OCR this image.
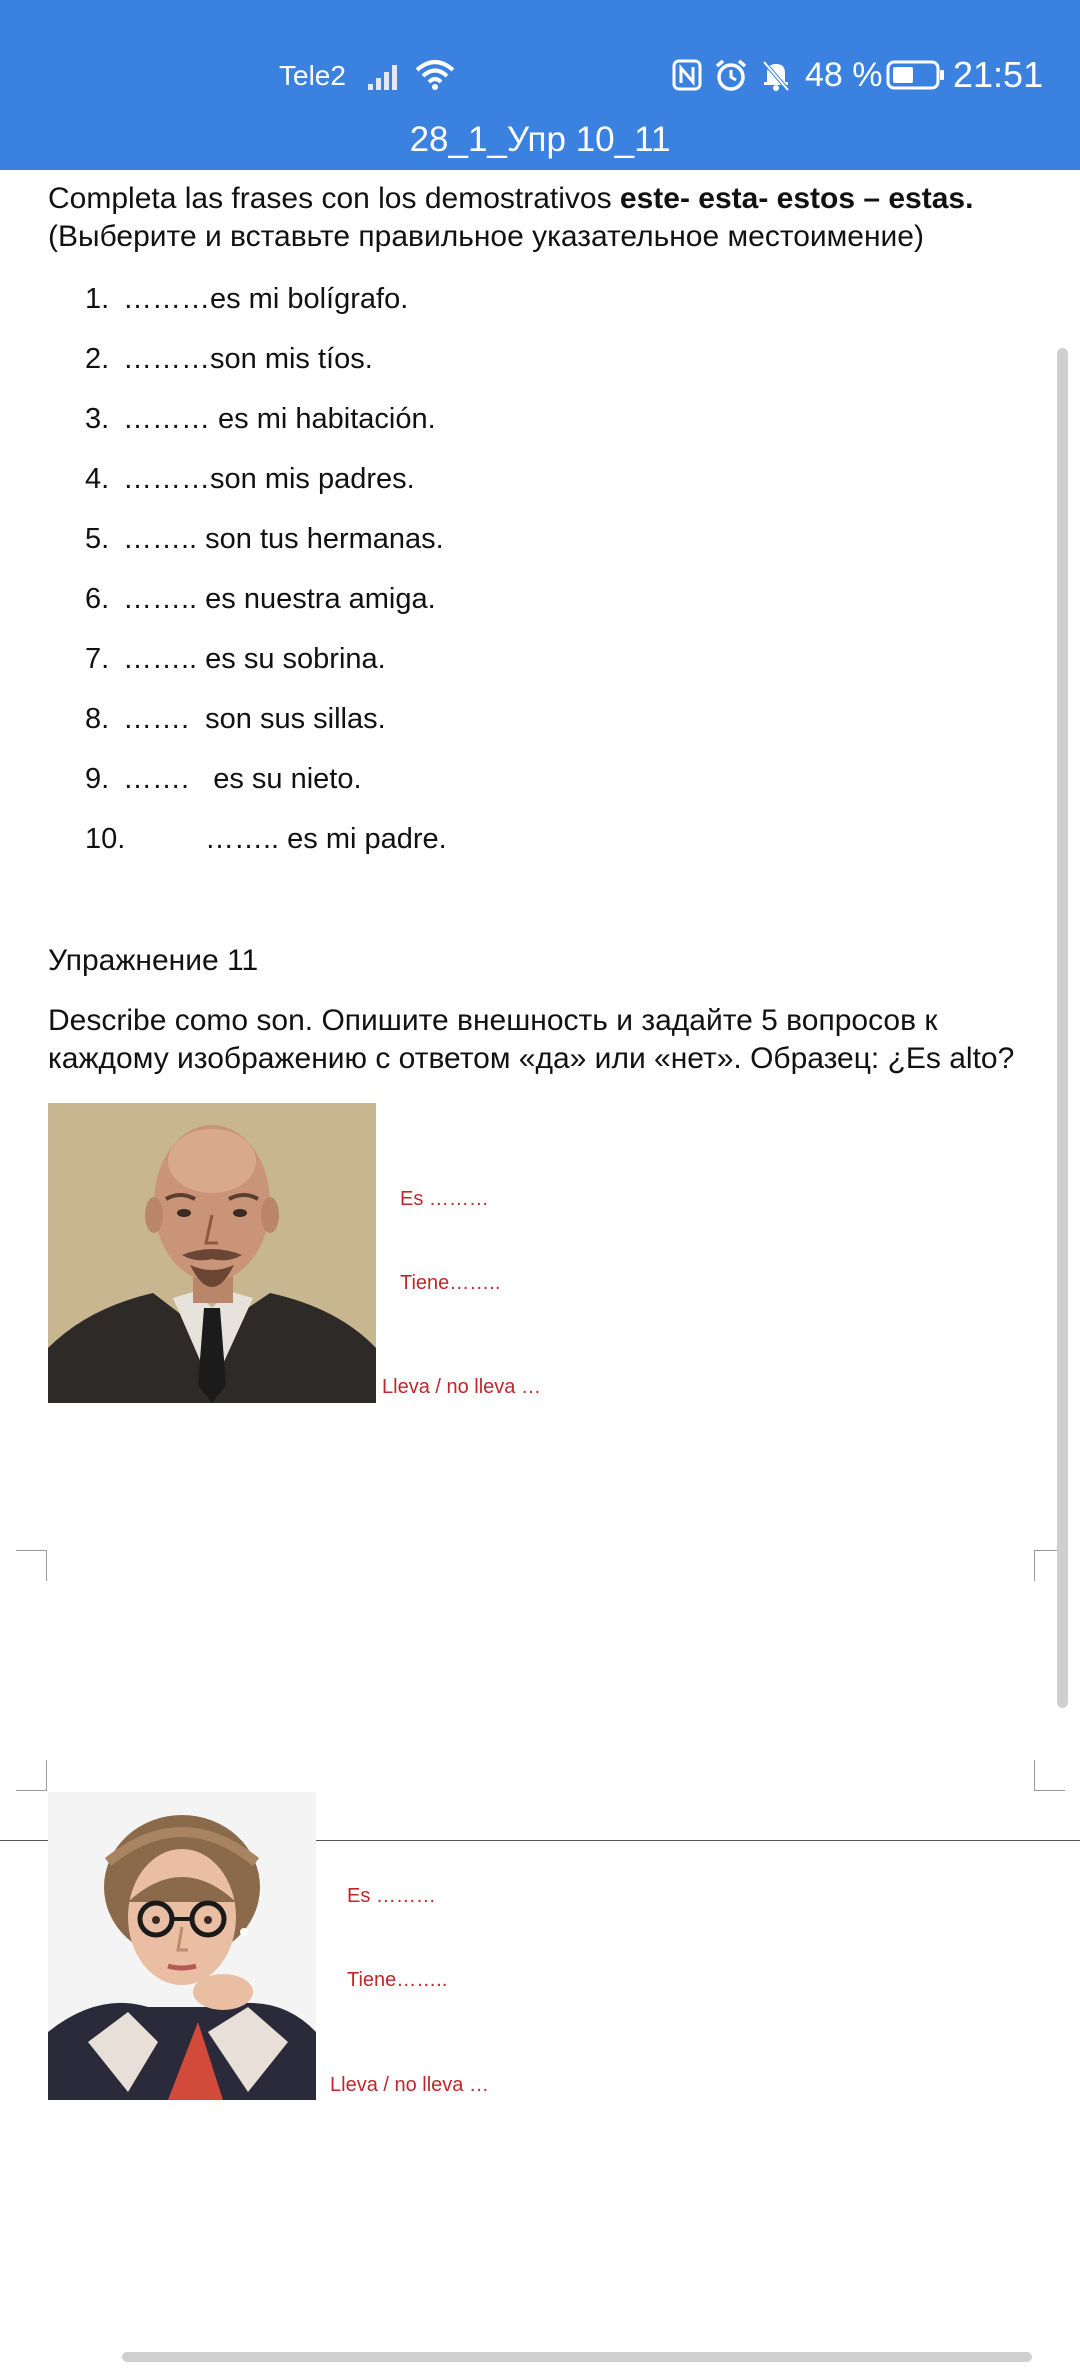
Tele2	48 % 21:51
28_1_Упр 10_11
Completa las frases con los demostrativos este- esta- estos – estas.
(Выберите и вставьте правильное указательное местоимение)
1. ………es mi bolígrafo.
2. ………son mis tíos.
3. ……… es mi habitación.
4. ………son mis padres.
5. …….. son tus hermanas.
6. …….. es nuestra amiga.
7. …….. es su sobrina.
8. …….  son sus sillas.
9. …….   es su nieto.
10.	…….. es mi padre.
Упражнение 11
Describe como son. Опишите внешность и задайте 5 вопросов к
каждому изображению с ответом «да» или «нет». Образец: ¿Es alto?
Es ………
Tiene……..
Lleva / no lleva …
Es ………
Tiene……..
Lleva / no lleva …
